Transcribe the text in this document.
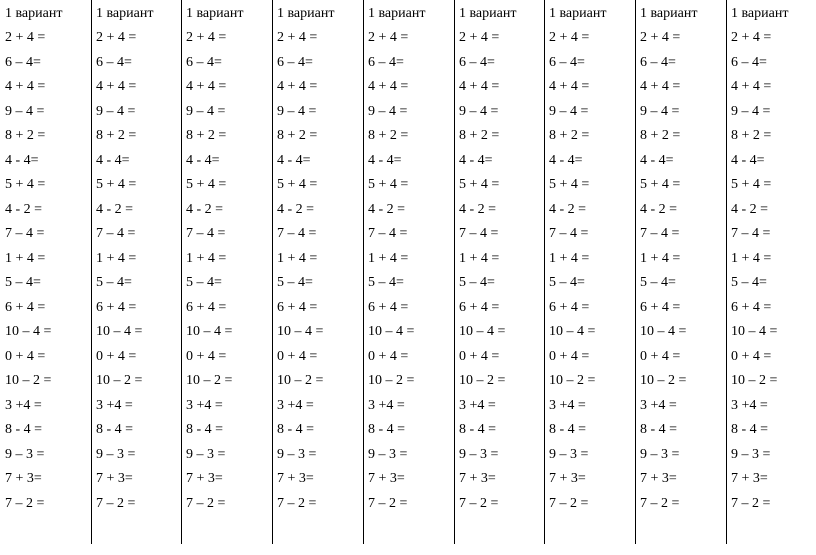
1 вариант
2 + 4 =
6 – 4=
4 + 4 =
9 – 4 =
8 + 2 =
4 - 4=
5 + 4 =
4 - 2 =
7 – 4 =
1 + 4 =
5 – 4=
6 + 4 =
10 – 4 =
0 + 4 =
10 – 2 =
3 +4 =
8 - 4 =
9 – 3 =
7 + 3=
7 – 2 =
1 вариант
2 + 4 =
6 – 4=
4 + 4 =
9 – 4 =
8 + 2 =
4 - 4=
5 + 4 =
4 - 2 =
7 – 4 =
1 + 4 =
5 – 4=
6 + 4 =
10 – 4 =
0 + 4 =
10 – 2 =
3 +4 =
8 - 4 =
9 – 3 =
7 + 3=
7 – 2 =
1 вариант
2 + 4 =
6 – 4=
4 + 4 =
9 – 4 =
8 + 2 =
4 - 4=
5 + 4 =
4 - 2 =
7 – 4 =
1 + 4 =
5 – 4=
6 + 4 =
10 – 4 =
0 + 4 =
10 – 2 =
3 +4 =
8 - 4 =
9 – 3 =
7 + 3=
7 – 2 =
1 вариант
2 + 4 =
6 – 4=
4 + 4 =
9 – 4 =
8 + 2 =
4 - 4=
5 + 4 =
4 - 2 =
7 – 4 =
1 + 4 =
5 – 4=
6 + 4 =
10 – 4 =
0 + 4 =
10 – 2 =
3 +4 =
8 - 4 =
9 – 3 =
7 + 3=
7 – 2 =
1 вариант
2 + 4 =
6 – 4=
4 + 4 =
9 – 4 =
8 + 2 =
4 - 4=
5 + 4 =
4 - 2 =
7 – 4 =
1 + 4 =
5 – 4=
6 + 4 =
10 – 4 =
0 + 4 =
10 – 2 =
3 +4 =
8 - 4 =
9 – 3 =
7 + 3=
7 – 2 =
1 вариант
2 + 4 =
6 – 4=
4 + 4 =
9 – 4 =
8 + 2 =
4 - 4=
5 + 4 =
4 - 2 =
7 – 4 =
1 + 4 =
5 – 4=
6 + 4 =
10 – 4 =
0 + 4 =
10 – 2 =
3 +4 =
8 - 4 =
9 – 3 =
7 + 3=
7 – 2 =
1 вариант
2 + 4 =
6 – 4=
4 + 4 =
9 – 4 =
8 + 2 =
4 - 4=
5 + 4 =
4 - 2 =
7 – 4 =
1 + 4 =
5 – 4=
6 + 4 =
10 – 4 =
0 + 4 =
10 – 2 =
3 +4 =
8 - 4 =
9 – 3 =
7 + 3=
7 – 2 =
1 вариант
2 + 4 =
6 – 4=
4 + 4 =
9 – 4 =
8 + 2 =
4 - 4=
5 + 4 =
4 - 2 =
7 – 4 =
1 + 4 =
5 – 4=
6 + 4 =
10 – 4 =
0 + 4 =
10 – 2 =
3 +4 =
8 - 4 =
9 – 3 =
7 + 3=
7 – 2 =
1 вариант
2 + 4 =
6 – 4=
4 + 4 =
9 – 4 =
8 + 2 =
4 - 4=
5 + 4 =
4 - 2 =
7 – 4 =
1 + 4 =
5 – 4=
6 + 4 =
10 – 4 =
0 + 4 =
10 – 2 =
3 +4 =
8 - 4 =
9 – 3 =
7 + 3=
7 – 2 =
